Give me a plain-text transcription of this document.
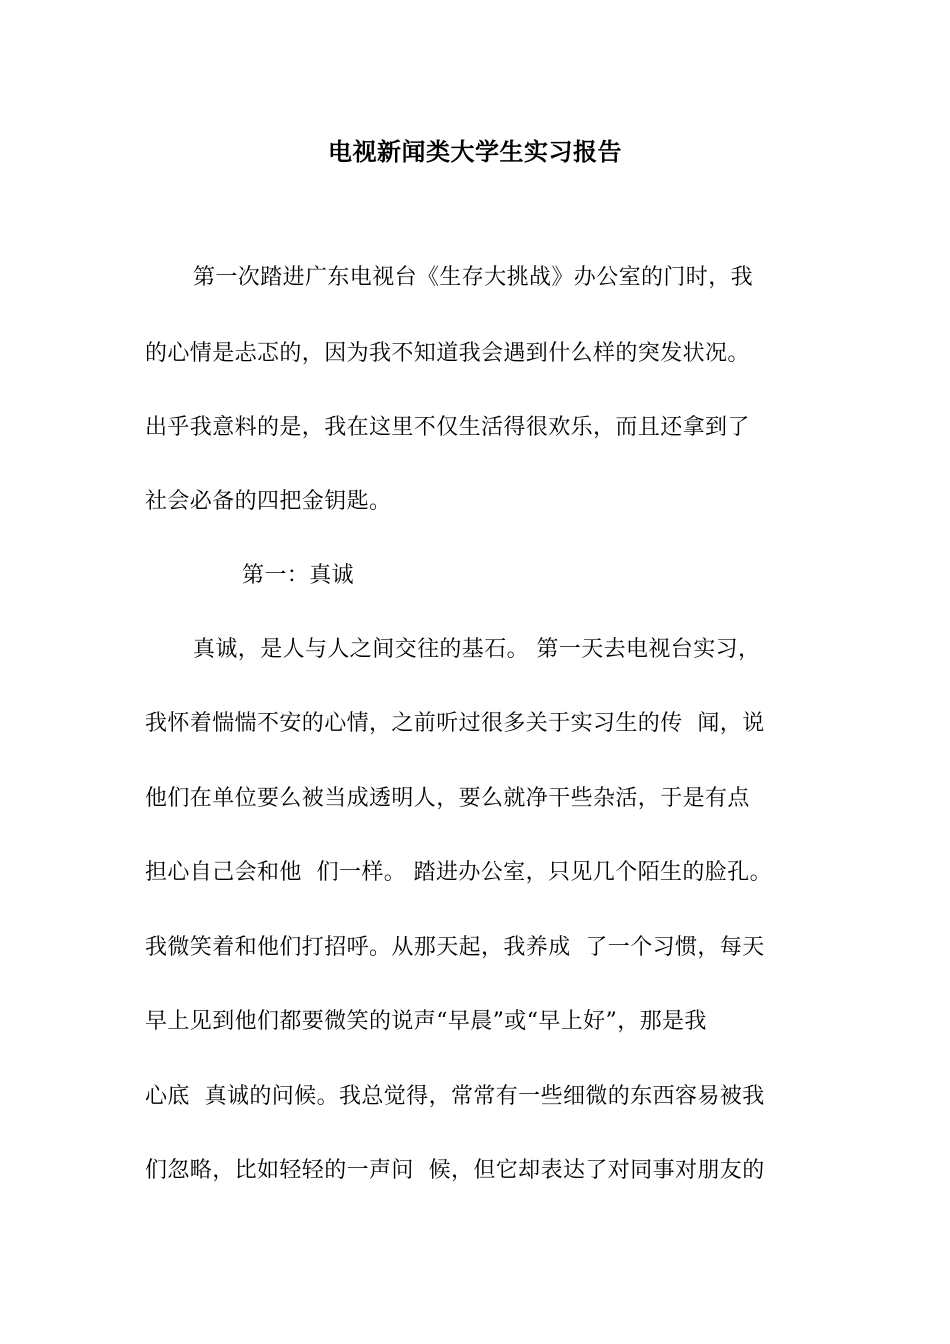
电视新闻类大学生实习报告
第一次踏进广东电视台《生存大挑战》办公室的门时，我
的心情是忐忑的，因为我不知道我会遇到什么样的突发状况。
出乎我意料的是，我在这里不仅生活得很欢乐，而且还拿到了
社会必备的四把金钥匙。
第一：真诚
真诚，是人与人之间交往的基石。 第一天去电视台实习，
我怀着惴惴不安的心情，之前听过很多关于实习生的传  闻，说
他们在单位要么被当成透明人，要么就净干些杂活，于是有点
担心自己会和他  们一样。 踏进办公室，只见几个陌生的脸孔。
我微笑着和他们打招呼。从那天起，我养成  了一个习惯，每天
早上见到他们都要微笑的说声“早晨”或“早上好”，那是我
心底  真诚的问候。我总觉得，常常有一些细微的东西容易被我
们忽略，比如轻轻的一声问  候，但它却表达了对同事对朋友的
